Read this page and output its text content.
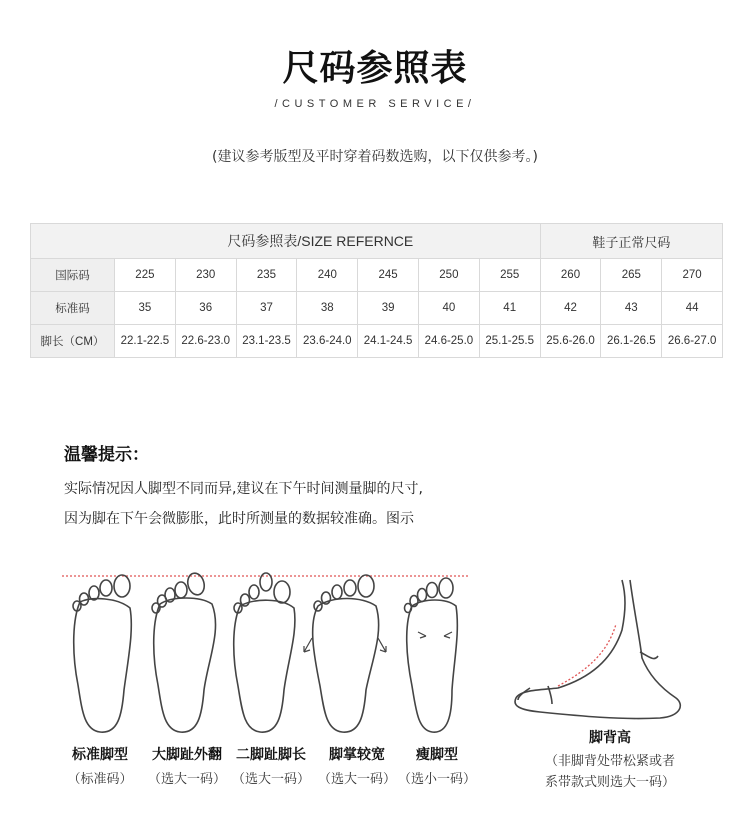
尺码参照表
/CUSTOMER SERVICE/
(建议参考版型及平时穿着码数选购，以下仅供参考。)
尺码参照表/SIZE REFERNCE								鞋子正常尺码		
国际码	225	230	235	240	245	250	255	260	265	270
标准码	35	36	37	38	39	40	41	42	43	44
脚长（CM）	22.1-22.5	22.6-23.0	23.1-23.5	23.6-24.0	24.1-24.5	24.6-25.0	25.1-25.5	25.6-26.0	26.1-26.5	26.6-27.0
温馨提示：
实际情况因人脚型不同而异,建议在下午时间测量脚的尺寸,
因为脚在下午会微膨胀，此时所测量的数据较准确。图示
标准脚型
（标准码）
大脚趾外翻
（选大一码）
二脚趾脚长
（选大一码）
脚掌较宽
（选大一码）
瘦脚型
（选小一码）
脚背高
（非脚背处带松紧或者
系带款式则选大一码）
